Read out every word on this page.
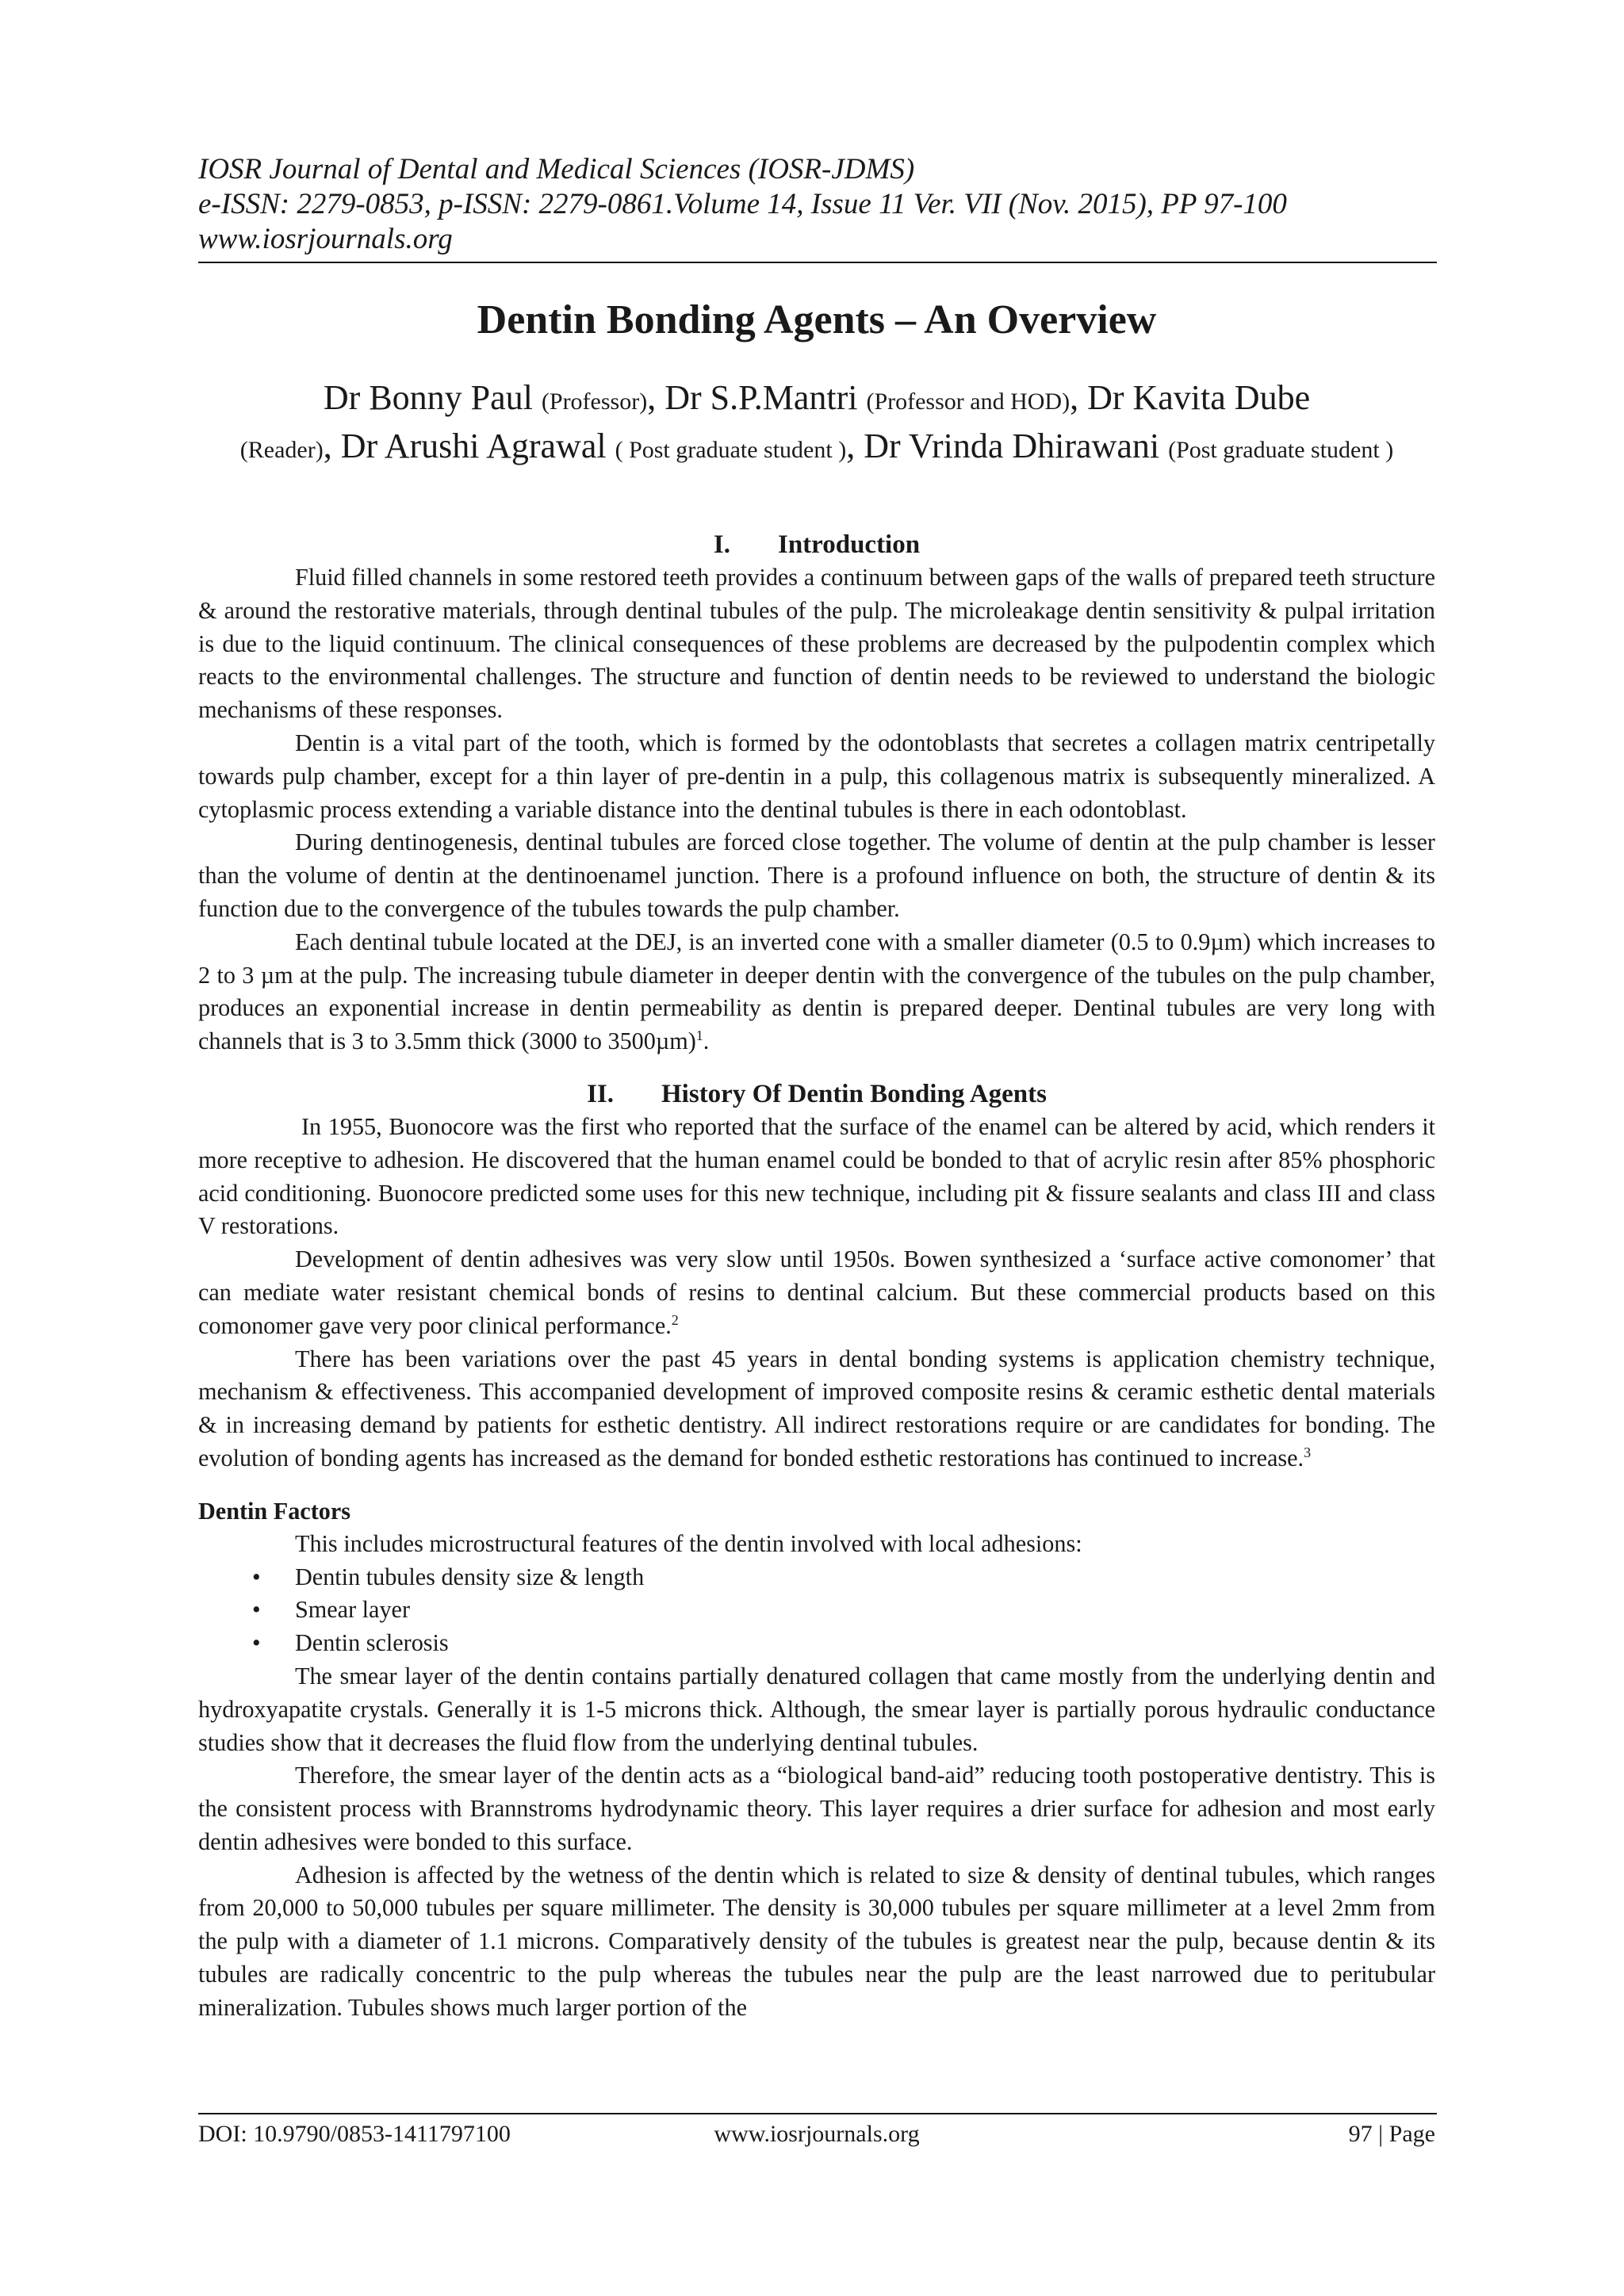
IOSR Journal of Dental and Medical Sciences (IOSR-JDMS)
e-ISSN: 2279-0853, p-ISSN: 2279-0861.Volume 14, Issue 11 Ver. VII (Nov. 2015), PP 97-100
www.iosrjournals.org
Dentin Bonding Agents – An Overview
Dr Bonny Paul (Professor), Dr S.P.Mantri (Professor and HOD), Dr Kavita Dube
(Reader), Dr Arushi Agrawal ( Post graduate student ), Dr Vrinda Dhirawani (Post graduate student )
I. Introduction

Fluid filled channels in some restored teeth provides a continuum between gaps of the walls of prepared teeth structure & around the restorative materials, through dentinal tubules of the pulp. The microleakage dentin sensitivity & pulpal irritation is due to the liquid continuum. The clinical consequences of these problems are decreased by the pulpodentin complex which reacts to the environmental challenges. The structure and function of dentin needs to be reviewed to understand the biologic mechanisms of these responses.

Dentin is a vital part of the tooth, which is formed by the odontoblasts that secretes a collagen matrix centripetally towards pulp chamber, except for a thin layer of pre-dentin in a pulp, this collagenous matrix is subsequently mineralized. A cytoplasmic process extending a variable distance into the dentinal tubules is there in each odontoblast.

During dentinogenesis, dentinal tubules are forced close together. The volume of dentin at the pulp chamber is lesser than the volume of dentin at the dentinoenamel junction. There is a profound influence on both, the structure of dentin & its function due to the convergence of the tubules towards the pulp chamber.

Each dentinal tubule located at the DEJ, is an inverted cone with a smaller diameter (0.5 to 0.9µm) which increases to 2 to 3 µm at the pulp. The increasing tubule diameter in deeper dentin with the convergence of the tubules on the pulp chamber, produces an exponential increase in dentin permeability as dentin is prepared deeper. Dentinal tubules are very long with channels that is 3 to 3.5mm thick (3000 to 3500µm)$^1$.

II. History Of Dentin Bonding Agents

In 1955, Buonocore was the first who reported that the surface of the enamel can be altered by acid, which renders it more receptive to adhesion. He discovered that the human enamel could be bonded to that of acrylic resin after 85% phosphoric acid conditioning. Buonocore predicted some uses for this new technique, including pit & fissure sealants and class III and class V restorations.

Development of dentin adhesives was very slow until 1950s. Bowen synthesized a ‘surface active comonomer’ that can mediate water resistant chemical bonds of resins to dentinal calcium. But these commercial products based on this comonomer gave very poor clinical performance.$^2$

There has been variations over the past 45 years in dental bonding systems is application chemistry technique, mechanism & effectiveness. This accompanied development of improved composite resins & ceramic esthetic dental materials & in increasing demand by patients for esthetic dentistry. All indirect restorations require or are candidates for bonding. The evolution of bonding agents has increased as the demand for bonded esthetic restorations has continued to increase.$^3$

Dentin Factors

This includes microstructural features of the dentin involved with local adhesions:

• Dentin tubules density size & length
• Smear layer
• Dentin sclerosis

The smear layer of the dentin contains partially denatured collagen that came mostly from the underlying dentin and hydroxyapatite crystals. Generally it is 1-5 microns thick. Although, the smear layer is partially porous hydraulic conductance studies show that it decreases the fluid flow from the underlying dentinal tubules.

Therefore, the smear layer of the dentin acts as a “biological band-aid” reducing tooth postoperative dentistry. This is the consistent process with Brannstroms hydrodynamic theory. This layer requires a drier surface for adhesion and most early dentin adhesives were bonded to this surface.

Adhesion is affected by the wetness of the dentin which is related to size & density of dentinal tubules, which ranges from 20,000 to 50,000 tubules per square millimeter. The density is 30,000 tubules per square millimeter at a level 2mm from the pulp with a diameter of 1.1 microns. Comparatively density of the tubules is greatest near the pulp, because dentin & its tubules are radically concentric to the pulp whereas the tubules near the pulp are the least narrowed due to peritubular mineralization. Tubules shows much larger portion of the

DOI: 10.9790/0853-1411797100	www.iosrjournals.org	97 | Page
